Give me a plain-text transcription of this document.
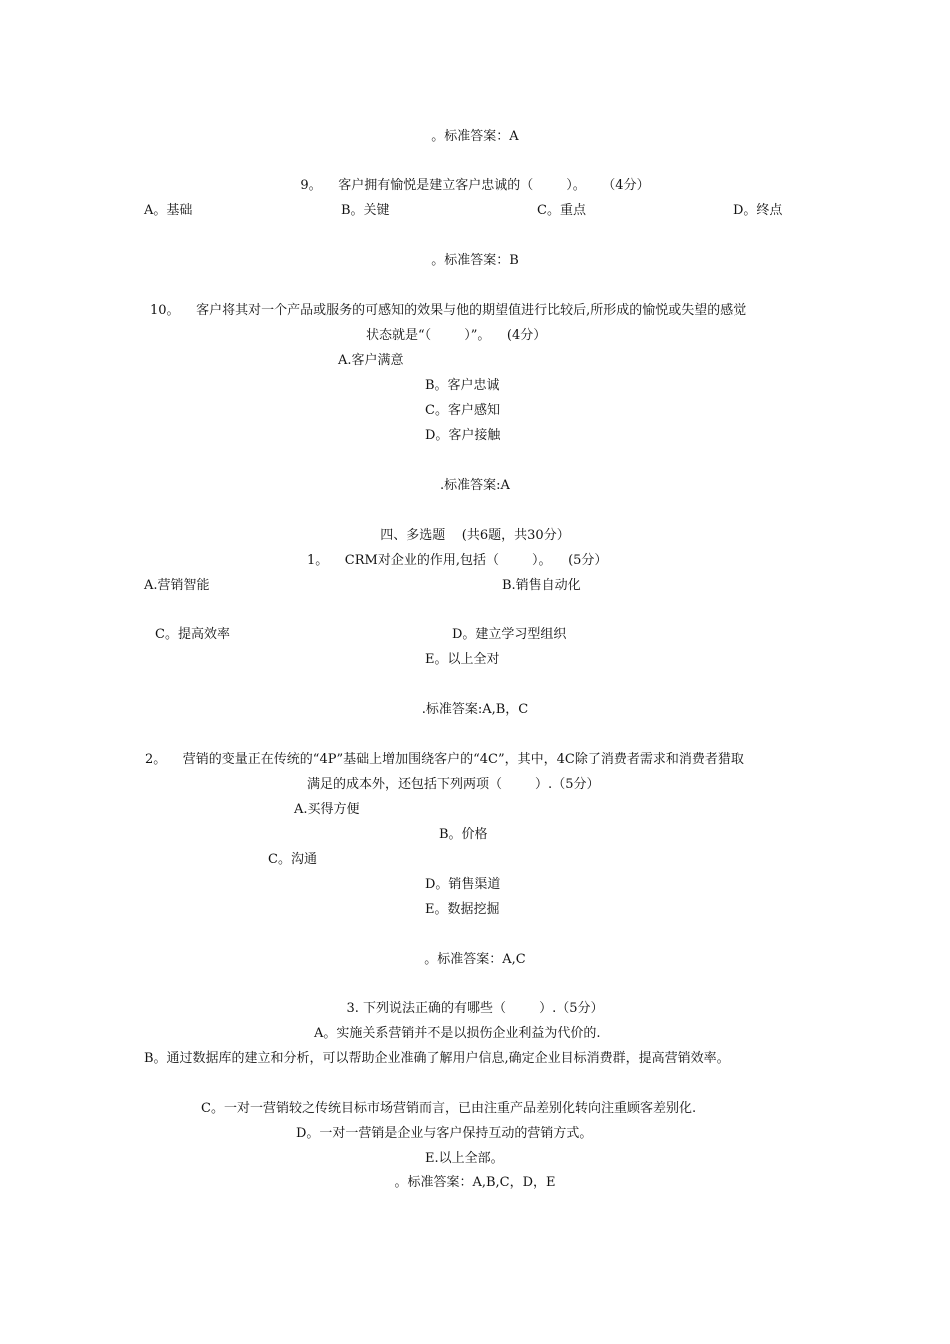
。标准答案：A
9。    客户拥有愉悦是建立客户忠诚的（        ）。    （4分）
A。基础	B。关键	C。重点	D。终点
。标准答案：B
10。    客户将其对一个产品或服务的可感知的效果与他的期望值进行比较后,所形成的愉悦或失望的感觉
状态就是“（        ）”。    (4分）
A.客户满意
B。客户忠诚
C。客户感知
D。客户接触
.标准答案:A
四、多选题    (共6题，共30分）
1。    CRM对企业的作用,包括（        ）。    (5分）
A.营销智能	B.销售自动化
C。提高效率	D。建立学习型组织
E。以上全对
.标准答案:A,B，C
2。    营销的变量正在传统的“4P”基础上增加围绕客户的“4C”，其中，4C除了消费者需求和消费者猎取
满足的成本外，还包括下列两项（        ）.（5分）
A.买得方便
B。价格
C。沟通
D。销售渠道
E。数据挖掘
。标准答案：A,C
3. 下列说法正确的有哪些（        ）.（5分）
A。实施关系营销并不是以损伤企业利益为代价的.
B。通过数据库的建立和分析，可以帮助企业准确了解用户信息,确定企业目标消费群，提高营销效率。
C。一对一营销较之传统目标市场营销而言，已由注重产品差别化转向注重顾客差别化.
D。一对一营销是企业与客户保持互动的营销方式。
E.以上全部。
。标准答案：A,B,C，D，E
